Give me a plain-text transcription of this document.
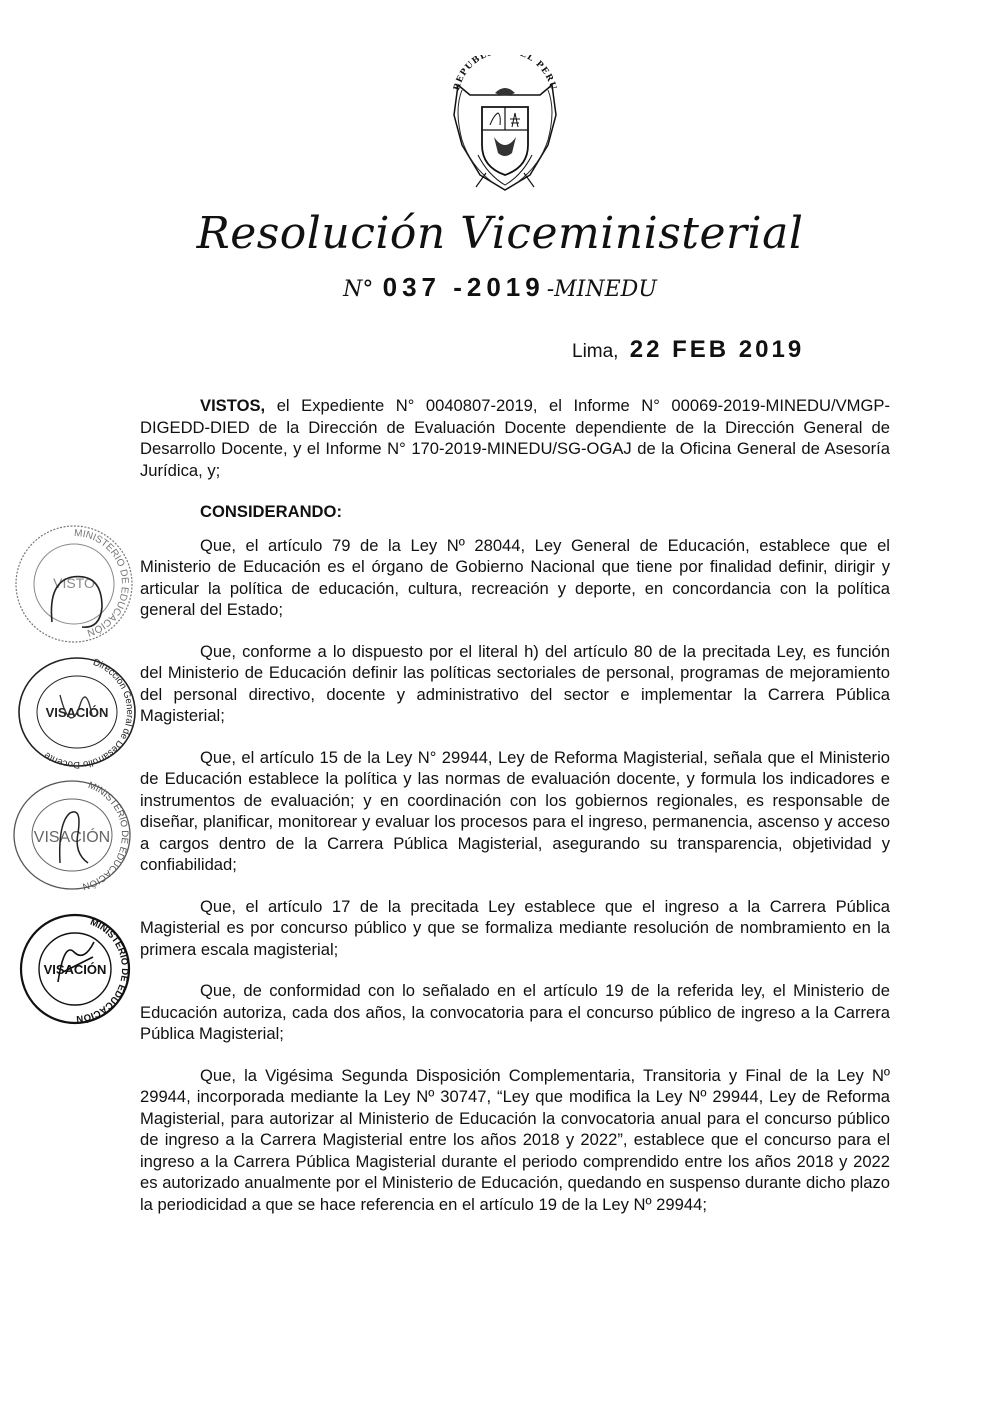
REPUBL L PERU
Resolución Viceministerial
N° 037 -2019-MINEDU
Lima, 22 FEB 2019

VISTOS, el Expediente N° 0040807-2019, el Informe N° 00069-2019-MINEDU/VMGP-DIGEDD-DIED de la Dirección de Evaluación Docente dependiente de la Dirección General de Desarrollo Docente, y el Informe N° 170-2019-MINEDU/SG-OGAJ de la Oficina General de Asesoría Jurídica, y;

CONSIDERANDO:

Que, el artículo 79 de la Ley Nº 28044, Ley General de Educación, establece que el Ministerio de Educación es el órgano de Gobierno Nacional que tiene por finalidad definir, dirigir y articular la política de educación, cultura, recreación y deporte, en concordancia con la política general del Estado;

Que, conforme a lo dispuesto por el literal h) del artículo 80 de la precitada Ley, es función del Ministerio de Educación definir las políticas sectoriales de personal, programas de mejoramiento del personal directivo, docente y administrativo del sector e implementar la Carrera Pública Magisterial;

Que, el artículo 15 de la Ley N° 29944, Ley de Reforma Magisterial, señala que el Ministerio de Educación establece la política y las normas de evaluación docente, y formula los indicadores e instrumentos de evaluación; y en coordinación con los gobiernos regionales, es responsable de diseñar, planificar, monitorear y evaluar los procesos para el ingreso, permanencia, ascenso y acceso a cargos dentro de la Carrera Pública Magisterial, asegurando su transparencia, objetividad y confiabilidad;

Que, el artículo 17 de la precitada Ley establece que el ingreso a la Carrera Pública Magisterial es por concurso público y que se formaliza mediante resolución de nombramiento en la primera escala magisterial;

Que, de conformidad con lo señalado en el artículo 19 de la referida ley, el Ministerio de Educación autoriza, cada dos años, la convocatoria para el concurso público de ingreso a la Carrera Pública Magisterial;

Que, la Vigésima Segunda Disposición Complementaria, Transitoria y Final de la Ley Nº 29944, incorporada mediante la Ley Nº 30747, “Ley que modifica la Ley Nº 29944, Ley de Reforma Magisterial, para autorizar al Ministerio de Educación la convocatoria anual para el concurso público de ingreso a la Carrera Magisterial entre los años 2018 y 2022”, establece que el concurso para el ingreso a la Carrera Pública Magisterial durante el periodo comprendido entre los años 2018 y 2022 es autorizado anualmente por el Ministerio de Educación, quedando en suspenso durante dicho plazo la periodicidad a que se hace referencia en el artículo 19 de la Ley Nº 29944;

MINISTERIO DE EDUCACIÓN
VISTO
Dirección General de Desarrollo Docente
VISACIÓN
MINISTERIO DE EDUCACIÓN
VISACIÓN
MINISTERIO DE EDUCACIÓN
VISACIÓN
